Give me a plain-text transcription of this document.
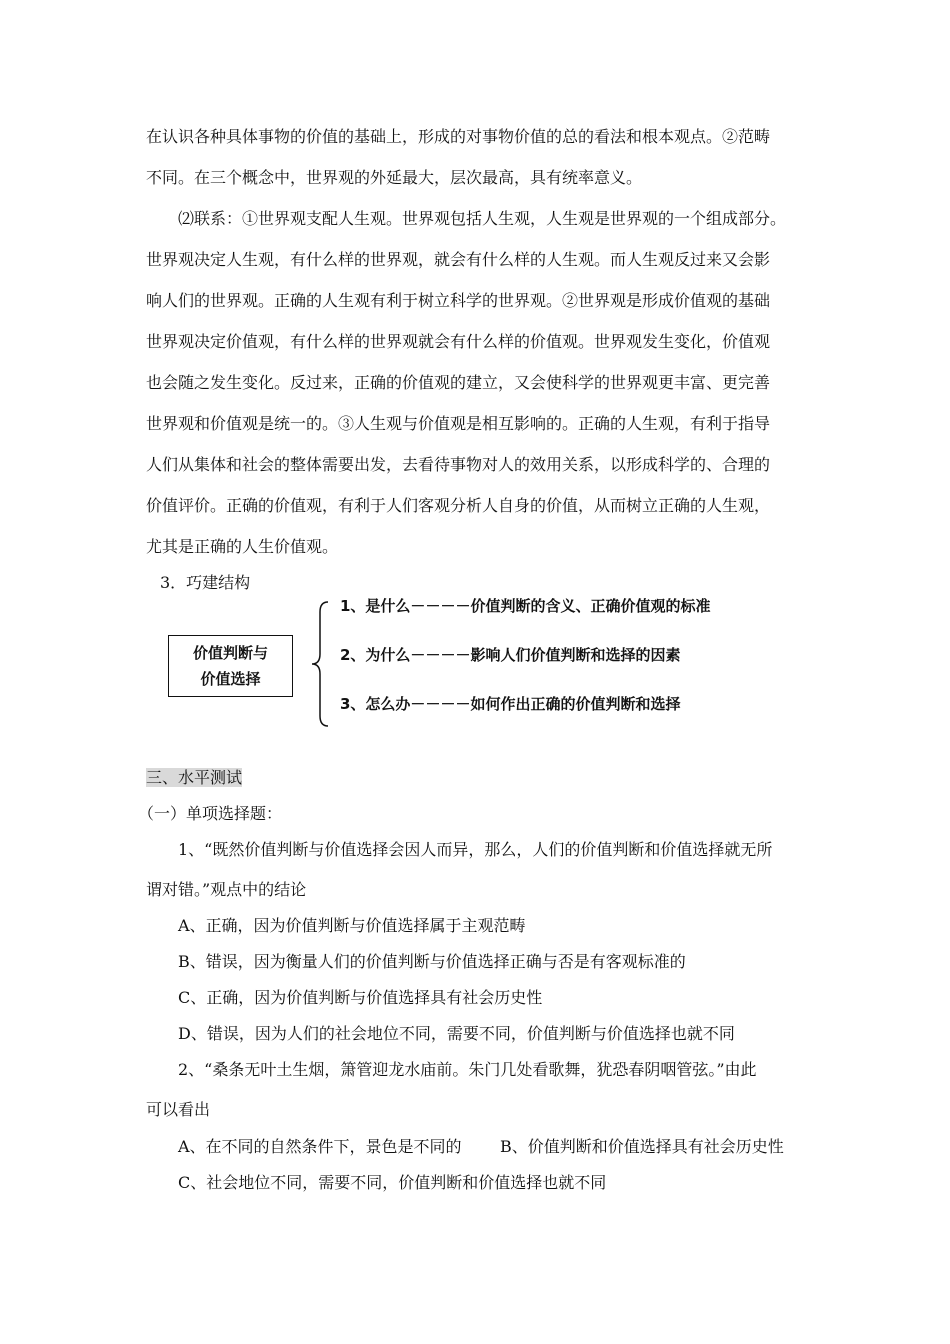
在认识各种具体事物的价值的基础上，形成的对事物价值的总的看法和根本观点。②范畴
不同。在三个概念中，世界观的外延最大，层次最高，具有统率意义。
⑵联系：①世界观支配人生观。世界观包括人生观，人生观是世界观的一个组成部分。
世界观决定人生观，有什么样的世界观，就会有什么样的人生观。而人生观反过来又会影
响人们的世界观。正确的人生观有利于树立科学的世界观。②世界观是形成价值观的基础
世界观决定价值观，有什么样的世界观就会有什么样的价值观。世界观发生变化，价值观
也会随之发生变化。反过来，正确的价值观的建立，又会使科学的世界观更丰富、更完善
世界观和价值观是统一的。③人生观与价值观是相互影响的。正确的人生观，有利于指导
人们从集体和社会的整体需要出发，去看待事物对人的效用关系，以形成科学的、合理的
价值评价。正确的价值观，有利于人们客观分析人自身的价值，从而树立正确的人生观，
尤其是正确的人生价值观。
3．巧建结构
价值判断与
价值选择
1、是什么－－－－价值判断的含义、正确价值观的标准
2、为什么－－－－影响人们价值判断和选择的因素
3、怎么办－－－－如何作出正确的价值判断和选择
三、水平测试
（一）单项选择题：
1、“既然价值判断与价值选择会因人而异，那么，人们的价值判断和价值选择就无所
谓对错。”观点中的结论
A、正确，因为价值判断与价值选择属于主观范畴
B、错误，因为衡量人们的价值判断与价值选择正确与否是有客观标准的
C、正确，因为价值判断与价值选择具有社会历史性
D、错误，因为人们的社会地位不同，需要不同，价值判断与价值选择也就不同
2、“桑条无叶土生烟，箫管迎龙水庙前。朱门几处看歌舞，犹恐春阴咽管弦。”由此
可以看出
A、在不同的自然条件下，景色是不同的 B、价值判断和价值选择具有社会历史性
C、社会地位不同，需要不同，价值判断和价值选择也就不同
